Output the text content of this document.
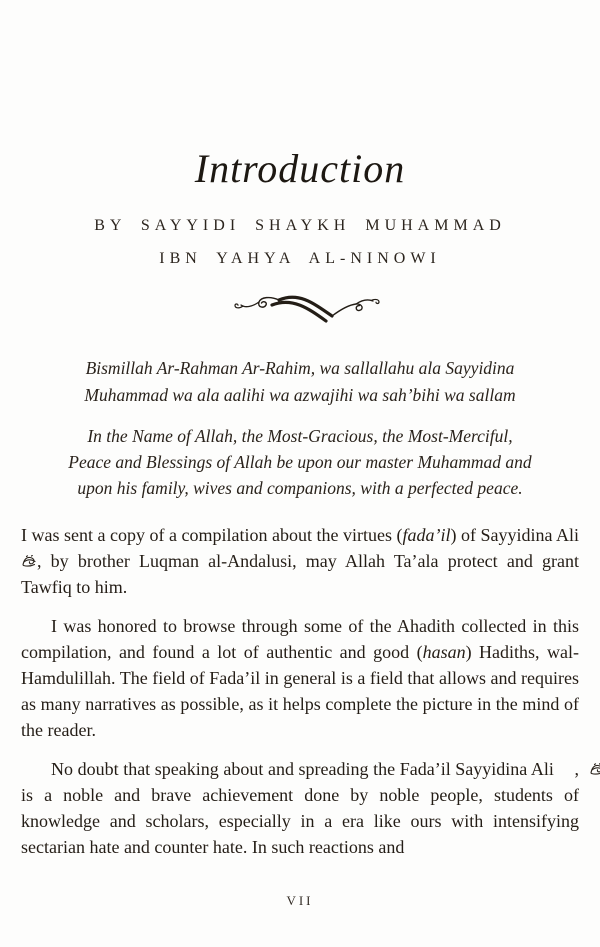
Introduction
BY SAYYIDI SHAYKH MUHAMMAD
IBN YAHYA AL-NINOWI
Bismillah Ar-Rahman Ar-Rahim, wa sallallahu ala Sayyidina
Muhammad wa ala aalihi wa azwajihi wa sah’bihi wa sallam
In the Name of Allah, the Most-Gracious, the Most-Merciful,
Peace and Blessings of Allah be upon our master Muhammad and
upon his family, wives and companions, with a perfected peace.

I was sent a copy of a compilation about the virtues (fada’il) of Sayyidina Ali , by brother Luqman al-Andalusi, may Allah Ta’ala protect and grant Tawfiq to him.

I was honored to browse through some of the Ahadith collected in this compilation, and found a lot of authentic and good (hasan) Hadiths, wal-Hamdulillah. The field of Fada’il in general is a field that allows and requires as many narratives as possible, as it helps complete the picture in the mind of the reader.

No doubt that speaking about and spreading the Fada’il Sayyidina Ali , is a noble and brave achievement done by noble people, students of knowledge and scholars, especially in a era like ours with intensifying sectarian hate and counter hate. In such reactions and

VII
